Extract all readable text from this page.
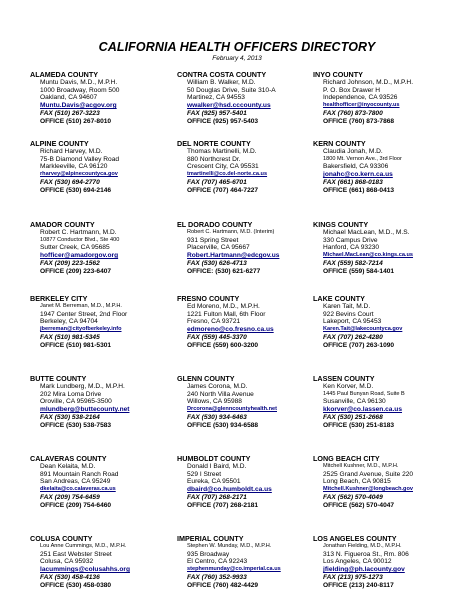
CALIFORNIA HEALTH OFFICERS DIRECTORY
February 4, 2013
ALAMEDA COUNTY
Muntu Davis, M.D., M.P.H.
1000 Broadway, Room 500
Oakland, CA 94607
Muntu.Davis@acgov.org
FAX (510) 267-3223
OFFICE (510) 267-8010
ALPINE COUNTY
Richard Harvey, M.D.
75-B Diamond Valley Road
Markleeville, CA 96120
rharvey@alpinecountyca.gov
FAX (530) 694-2770
OFFICE (530) 694-2146
AMADOR COUNTY
Robert C. Hartmann, M.D.
10877 Conductor Blvd., Ste 400
Sutter Creek, CA 95685
hofficer@amadorgov.org
FAX (209) 223-1562
OFFICE (209) 223-6407
BERKELEY CITY
Janet M. Berreman, M.D., M.P.H.
1947 Center Street, 2nd Floor
Berkeley, CA 94704
jberreman@cityofberkeley.info
FAX (510) 981-5345
OFFICE (510) 981-5301
BUTTE COUNTY
Mark Lundberg, M.D., M.P.H.
202 Mira Loma Drive
Oroville, CA 95965-3500
mlundberg@buttecounty.net
FAX (530) 538-2164
OFFICE (530) 538-7583
CALAVERAS COUNTY
Dean Kelaita, M.D.
891 Mountain Ranch Road
San Andreas, CA 95249
dkelaita@co.calaveras.ca.us
FAX (209) 754-6459
OFFICE (209) 754-6460
COLUSA COUNTY
Lou Anne Cummings, M.D., M.P.H.
251 East Webster Street
Colusa, CA 95932
lacummings@colusahhs.org
FAX (530) 458-4136
OFFICE (530) 458-0380
CONTRA COSTA COUNTY
William B. Walker, M.D.
50 Douglas Drive, Suite 310-A
Martinez, CA 94553
wwalker@hsd.cccounty.us
FAX (925) 957-5401
OFFICE (925) 957-5403
DEL NORTE COUNTY
Thomas Martinelli, M.D.
880 Northcrest Dr.
Crescent City, CA 95531
tmartinelli@co.del-norte.ca.us
FAX (707) 465-6701
OFFICE (707) 464-7227
EL DORADO COUNTY
Robert C. Hartmann, M.D. (Interim)
931 Spring Street
Placerville, CA 95667
Robert.Hartmann@edcgov.us
FAX (530) 626-4713
OFFICE: (530) 621-6277
FRESNO COUNTY
Ed Moreno, M.D., M.P.H.
1221 Fulton Mall, 6th Floor
Fresno, CA 93721
edmoreno@co.fresno.ca.us
FAX (559) 445-3370
OFFICE (559) 600-3200
GLENN COUNTY
James Corona, M.D.
240 North Villa Avenue
Willows, CA 95988
Drcorona@glenncountyhealth.net
FAX (530) 934-6463
OFFICE (530) 934-6588
HUMBOLDT COUNTY
Donald I Baird, M.D.
529 I Street
Eureka, CA 95501
dbaird@co.humboldt.ca.us
FAX (707) 268-2171
OFFICE (707) 268-2181
IMPERIAL COUNTY
Stephen W. Munday, M.D., M.P.H.
935 Broadway
El Centro, CA 92243
stephenmunday@co.imperial.ca.us
FAX (760) 352-9933
OFFICE (760) 482-4429
INYO COUNTY
Richard Johnson, M.D., M.P.H.
P. O. Box Drawer H
Independence, CA 93526
healthofficer@inyocounty.us
FAX (760) 873-7800
OFFICE (760) 873-7868
KERN COUNTY
Claudia Jonah, M.D.
1800 Mt. Vernon Ave., 3rd Floor
Bakersfield, CA 93306
jonahc@co.kern.ca.us
FAX (661) 868-0183
OFFICE (661) 868-0413
KINGS COUNTY
Michael MacLean, M.D., M.S.
330 Campus Drive
Hanford, CA 93230
Michael.MacLean@co.kings.ca.us
FAX (559) 582-7214
OFFICE (559) 584-1401
LAKE COUNTY
Karen Tait, M.D.
922 Bevins Court
Lakeport, CA 95453
Karen.Tait@lakecountyca.gov
FAX (707) 262-4280
OFFICE (707) 263-1090
LASSEN COUNTY
Ken Korver, M.D.
1445 Paul Bunyan Road, Suite B
Susanville, CA 96130
kkorver@co.lassen.ca.us
FAX (530) 251-2668
OFFICE (530) 251-8183
LONG BEACH CITY
Mitchell Kushner, M.D., M.P.H.
2525 Grand Avenue, Suite 220
Long Beach, CA 90815
Mitchell.Kushner@longbeach.gov
FAX (562) 570-4049
OFFICE (562) 570-4047
LOS ANGELES COUNTY
Jonathan Fielding, M.D., M.P.H.
313 N. Figueroa St., Rm. 806
Los Angeles, CA 90012
jfielding@ph.lacounty.gov
FAX (213) 975-1273
OFFICE (213) 240-8117
